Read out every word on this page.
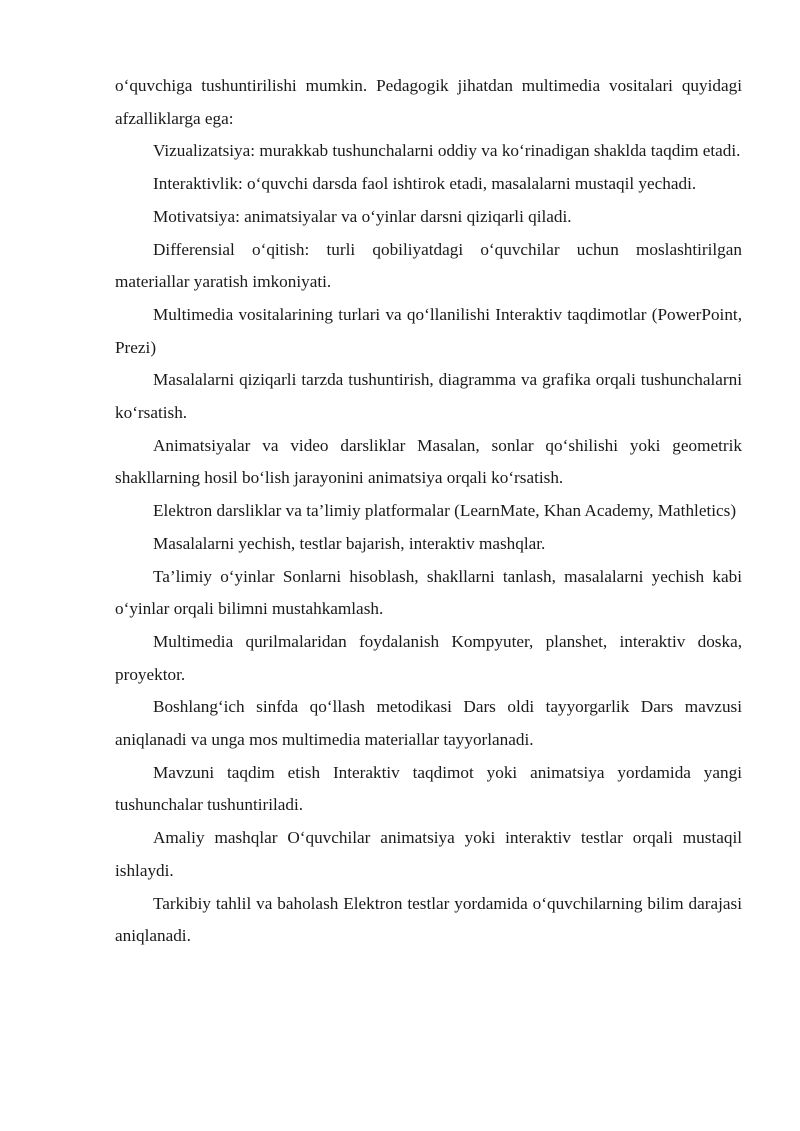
o‘quvchiga tushuntirilishi mumkin. Pedagogik jihatdan multimedia vositalari quyidagi afzalliklarga ega:

Vizualizatsiya: murakkab tushunchalarni oddiy va ko‘rinadigan shaklda taqdim etadi.

Interaktivlik: o‘quvchi darsda faol ishtirok etadi, masalalarni mustaqil yechadi.

Motivatsiya: animatsiyalar va o‘yinlar darsni qiziqarli qiladi.

Differensial o‘qitish: turli qobiliyatdagi o‘quvchilar uchun moslashtirilgan materiallar yaratish imkoniyati.

Multimedia vositalarining turlari va qo‘llanilishi Interaktiv taqdimotlar (PowerPoint, Prezi)

Masalalarni qiziqarli tarzda tushuntirish, diagramma va grafika orqali tushunchalarni ko‘rsatish.

Animatsiyalar va video darsliklar Masalan, sonlar qo‘shilishi yoki geometrik shakllarning hosil bo‘lish jarayonini animatsiya orqali ko‘rsatish.

Elektron darsliklar va ta’limiy platformalar (LearnMate, Khan Academy, Mathletics)

Masalalarni yechish, testlar bajarish, interaktiv mashqlar.

Ta’limiy o‘yinlar Sonlarni hisoblash, shakllarni tanlash, masalalarni yechish kabi o‘yinlar orqali bilimni mustahkamlash.

Multimedia qurilmalaridan foydalanish Kompyuter, planshet, interaktiv doska, proyektor.

Boshlang‘ich sinfda qo‘llash metodikasi Dars oldi tayyorgarlik Dars mavzusi aniqlanadi va unga mos multimedia materiallar tayyorlanadi.

Mavzuni taqdim etish Interaktiv taqdimot yoki animatsiya yordamida yangi tushunchalar tushuntiriladi.

Amaliy mashqlar O‘quvchilar animatsiya yoki interaktiv testlar orqali mustaqil ishlaydi.

Tarkibiy tahlil va baholash Elektron testlar yordamida o‘quvchilarning bilim darajasi aniqlanadi.
